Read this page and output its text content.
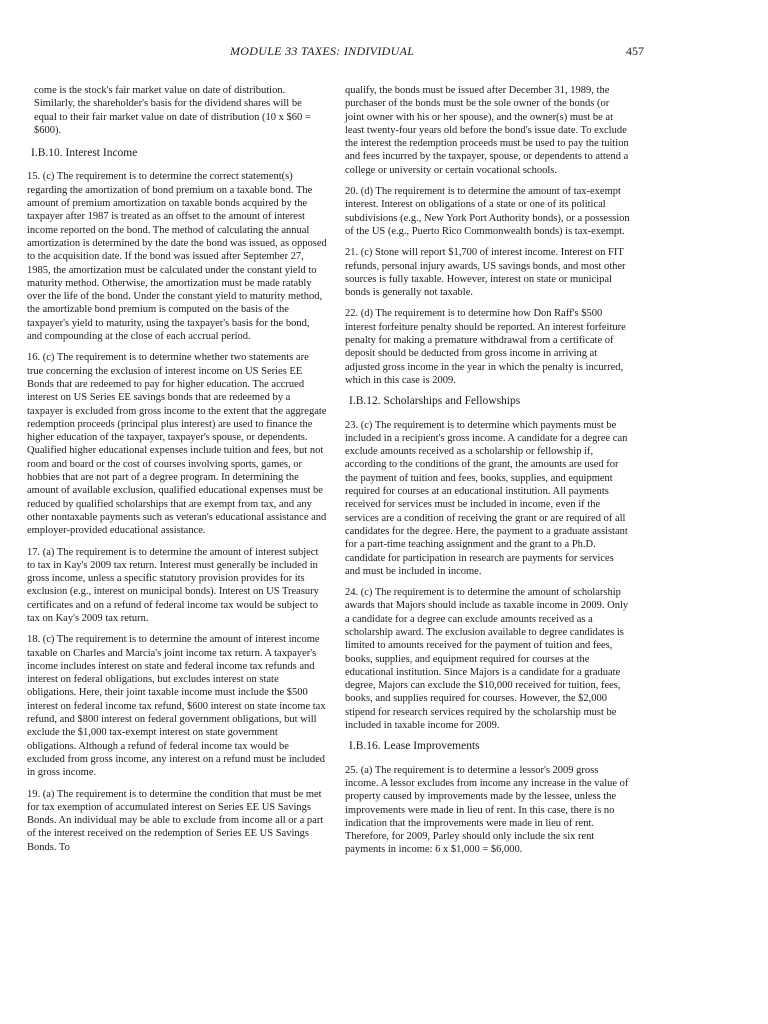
MODULE 33 TAXES: INDIVIDUAL	457

come is the stock's fair market value on date of distribution. Similarly, the shareholder's basis for the dividend shares will be equal to their fair market value on date of distribution (10 x $60 = $600).

I.B.10. Interest Income

15. (c) The requirement is to determine the correct statement(s) regarding the amortization of bond premium on a taxable bond. The amount of premium amortization on taxable bonds acquired by the taxpayer after 1987 is treated as an offset to the amount of interest income reported on the bond. The method of calculating the annual amortization is determined by the date the bond was issued, as opposed to the acquisition date. If the bond was issued after September 27, 1985, the amortization must be calculated under the constant yield to maturity method. Otherwise, the amortization must be made ratably over the life of the bond. Under the constant yield to maturity method, the amortizable bond premium is computed on the basis of the taxpayer's yield to maturity, using the taxpayer's basis for the bond, and compounding at the close of each accrual period.

16. (c) The requirement is to determine whether two statements are true concerning the exclusion of interest income on US Series EE Bonds that are redeemed to pay for higher education. The accrued interest on US Series EE savings bonds that are redeemed by a taxpayer is excluded from gross income to the extent that the aggregate redemption proceeds (principal plus interest) are used to finance the higher education of the taxpayer, taxpayer's spouse, or dependents. Qualified higher educational expenses include tuition and fees, but not room and board or the cost of courses involving sports, games, or hobbies that are not part of a degree program. In determining the amount of available exclusion, qualified educational expenses must be reduced by qualified scholarships that are exempt from tax, and any other nontaxable payments such as veteran's educational assistance and employer-provided educational assistance.

17. (a) The requirement is to determine the amount of interest subject to tax in Kay's 2009 tax return. Interest must generally be included in gross income, unless a specific statutory provision provides for its exclusion (e.g., interest on municipal bonds). Interest on US Treasury certificates and on a refund of federal income tax would be subject to tax on Kay's 2009 tax return.

18. (c) The requirement is to determine the amount of interest income taxable on Charles and Marcia's joint income tax return. A taxpayer's income includes interest on state and federal income tax refunds and interest on federal obligations, but excludes interest on state obligations. Here, their joint taxable income must include the $500 interest on federal income tax refund, $600 interest on state income tax refund, and $800 interest on federal government obligations, but will exclude the $1,000 tax-exempt interest on state government obligations. Although a refund of federal income tax would be excluded from gross income, any interest on a refund must be included in gross income.

19. (a) The requirement is to determine the condition that must be met for tax exemption of accumulated interest on Series EE US Savings Bonds. An individual may be able to exclude from income all or a part of the interest received on the redemption of Series EE US Savings Bonds. To

qualify, the bonds must be issued after December 31, 1989, the purchaser of the bonds must be the sole owner of the bonds (or joint owner with his or her spouse), and the owner(s) must be at least twenty-four years old before the bond's issue date. To exclude the interest the redemption proceeds must be used to pay the tuition and fees incurred by the taxpayer, spouse, or dependents to attend a college or university or certain vocational schools.

20. (d) The requirement is to determine the amount of tax-exempt interest. Interest on obligations of a state or one of its political subdivisions (e.g., New York Port Authority bonds), or a possession of the US (e.g., Puerto Rico Commonwealth bonds) is tax-exempt.

21. (c) Stone will report $1,700 of interest income. Interest on FIT refunds, personal injury awards, US savings bonds, and most other sources is fully taxable. However, interest on state or municipal bonds is generally not taxable.

22. (d) The requirement is to determine how Don Raff's $500 interest forfeiture penalty should be reported. An interest forfeiture penalty for making a premature withdrawal from a certificate of deposit should be deducted from gross income in arriving at adjusted gross income in the year in which the penalty is incurred, which in this case is 2009.

I.B.12. Scholarships and Fellowships

23. (c) The requirement is to determine which payments must be included in a recipient's gross income. A candidate for a degree can exclude amounts received as a scholarship or fellowship if, according to the conditions of the grant, the amounts are used for the payment of tuition and fees, books, supplies, and equipment required for courses at an educational institution. All payments received for services must be included in income, even if the services are a condition of receiving the grant or are required of all candidates for the degree. Here, the payment to a graduate assistant for a part-time teaching assignment and the grant to a Ph.D. candidate for participation in research are payments for services and must be included in income.

24. (c) The requirement is to determine the amount of scholarship awards that Majors should include as taxable income in 2009. Only a candidate for a degree can exclude amounts received as a scholarship award. The exclusion available to degree candidates is limited to amounts received for the payment of tuition and fees, books, supplies, and equipment required for courses at the educational institution. Since Majors is a candidate for a graduate degree, Majors can exclude the $10,000 received for tuition, fees, books, and supplies required for courses. However, the $2,000 stipend for research services required by the scholarship must be included in taxable income for 2009.

I.B.16. Lease Improvements

25. (a) The requirement is to determine a lessor's 2009 gross income. A lessor excludes from income any increase in the value of property caused by improvements made by the lessee, unless the improvements were made in lieu of rent. In this case, there is no indication that the improvements were made in lieu of rent. Therefore, for 2009, Parley should only include the six rent payments in income: 6 x $1,000 = $6,000.
